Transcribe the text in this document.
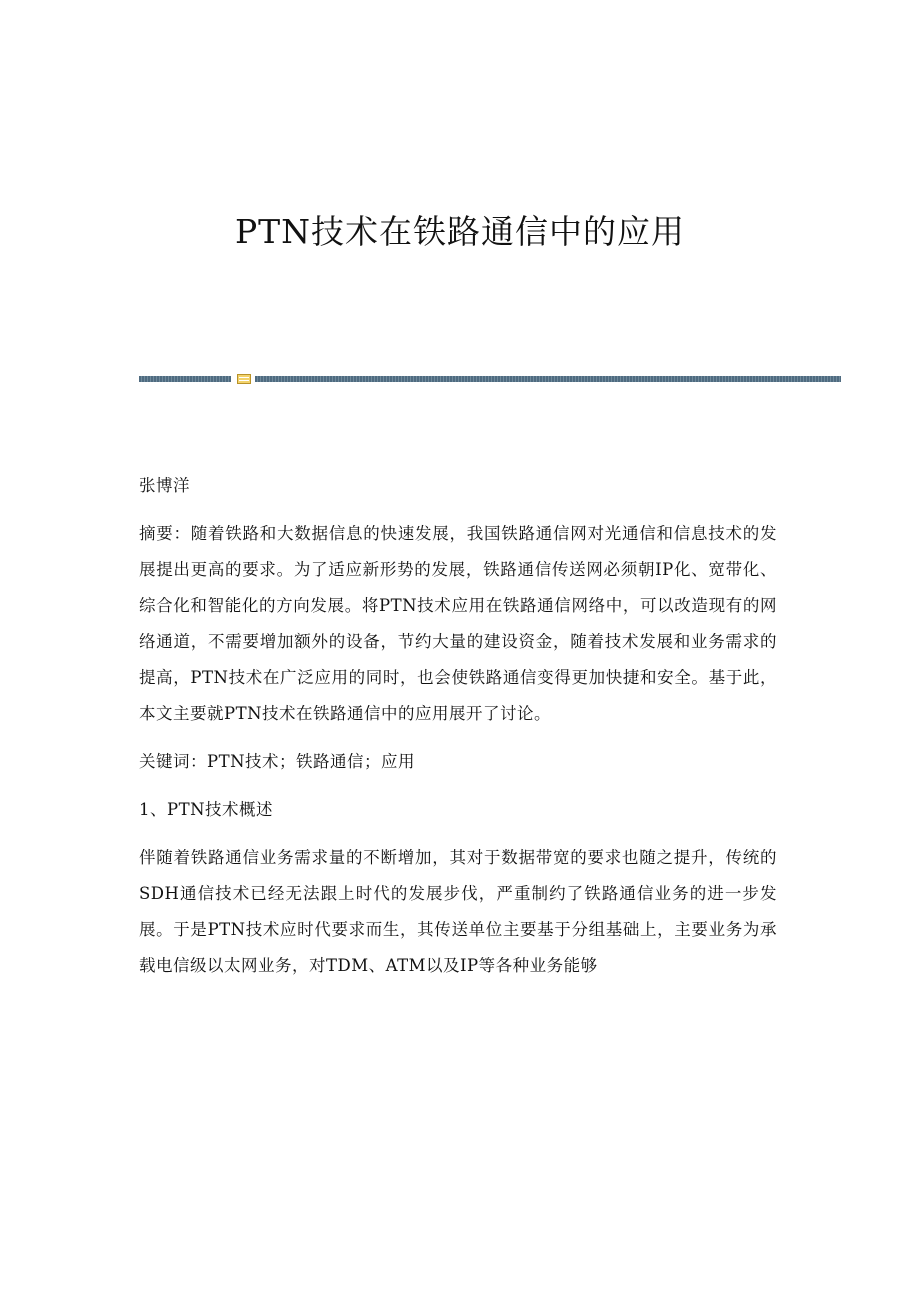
PTN技术在铁路通信中的应用

张博洋

摘要：随着铁路和大数据信息的快速发展，我国铁路通信网对光通信和信息技术的发展提出更高的要求。为了适应新形势的发展，铁路通信传送网必须朝IP化、宽带化、综合化和智能化的方向发展。将PTN技术应用在铁路通信网络中，可以改造现有的网络通道，不需要增加额外的设备，节约大量的建设资金，随着技术发展和业务需求的提高，PTN技术在广泛应用的同时，也会使铁路通信变得更加快捷和安全。基于此，本文主要就PTN技术在铁路通信中的应用展开了讨论。

关键词：PTN技术；铁路通信；应用

1、PTN技术概述

伴随着铁路通信业务需求量的不断增加，其对于数据带宽的要求也随之提升，传统的SDH通信技术已经无法跟上时代的发展步伐，严重制约了铁路通信业务的进一步发展。于是PTN技术应时代要求而生，其传送单位主要基于分组基础上，主要业务为承载电信级以太网业务，对TDM、ATM以及IP等各种业务能够
